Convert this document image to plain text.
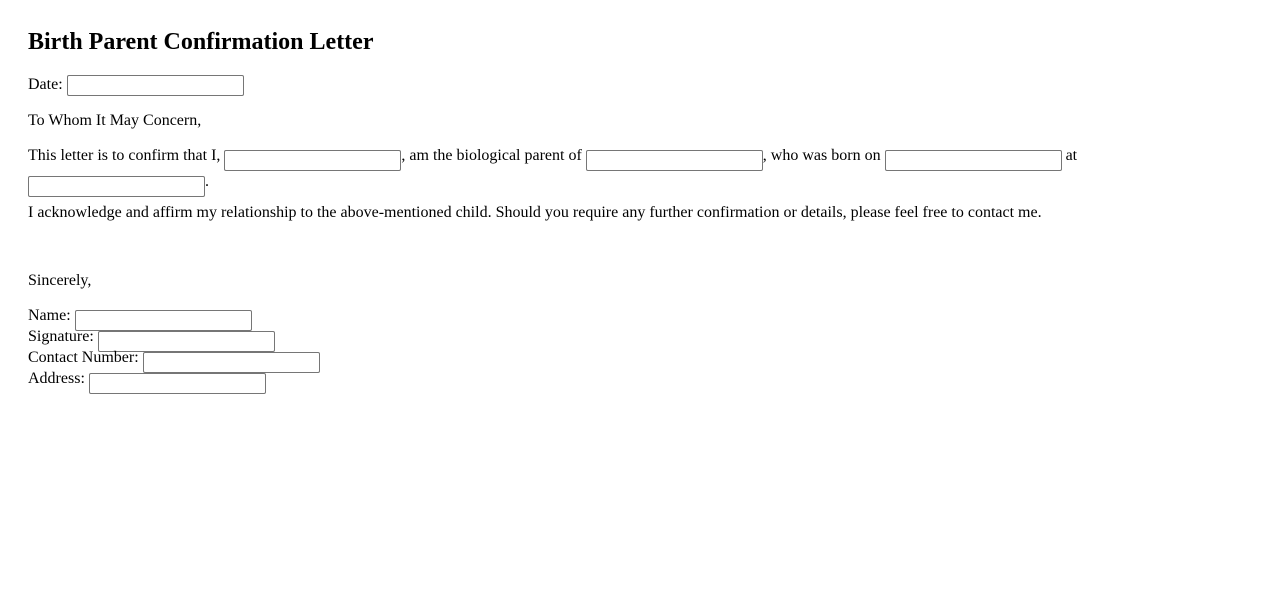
Birth Parent Confirmation Letter
Date:
To Whom It May Concern,
This letter is to confirm that I,	, am the biological parent of	, who was born on	at .
I acknowledge and affirm my relationship to the above-mentioned child. Should you require any further confirmation or details, please feel free to contact me.
Sincerely,
Name:
Signature:
Contact Number:
Address:
